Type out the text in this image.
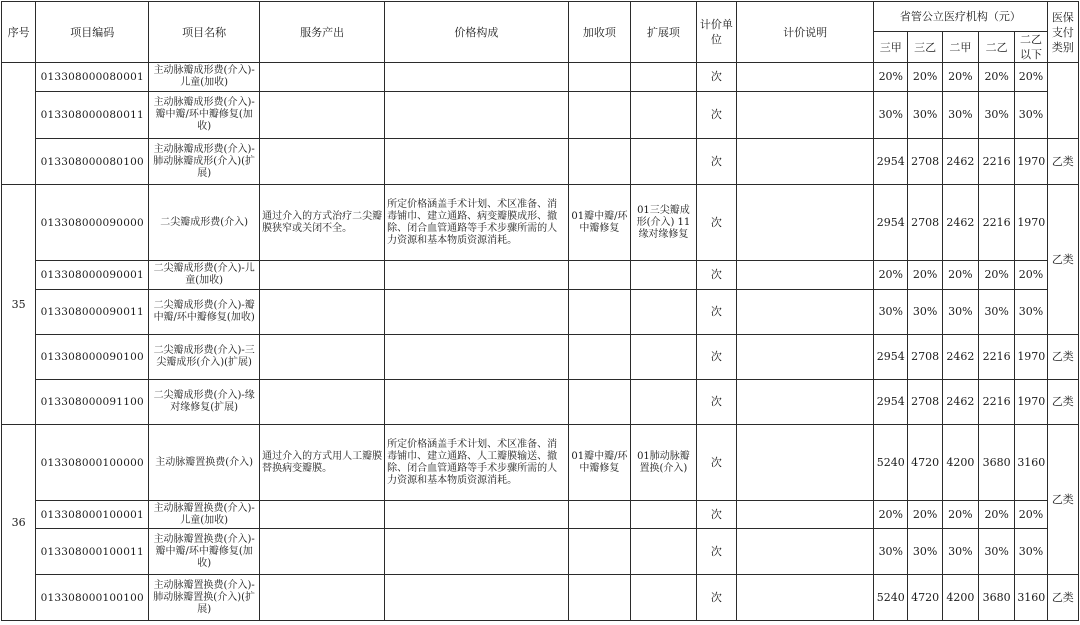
序号	项目编码	项目名称	服务产出	价格构成	加收项	扩展项	计价单位	计价说明	省管公立医疗机构（元）					医保支付类别
									三甲	三乙	二甲	二乙	二乙以下	
	013308000080001	主动脉瓣成形费(介入)-儿童(加收)					次		20%	20%	20%	20%	20%	
	013308000080011	主动脉瓣成形费(介入)-瓣中瓣/环中瓣修复(加收)					次		30%	30%	30%	30%	30%	
	013308000080100	主动脉瓣成形费(介入)-肺动脉瓣成形(介入)(扩展)					次		2954	2708	2462	2216	1970	乙类
35	013308000090000	二尖瓣成形费(介入)	通过介入的方式治疗二尖瓣膜狭窄或关闭不全。	所定价格涵盖手术计划、术区准备、消毒铺巾、建立通路、病变瓣膜成形、撤除、闭合血管通路等手术步骤所需的人力资源和基本物质资源消耗。	01瓣中瓣/环中瓣修复	01三尖瓣成形(介入) 11缘对缘修复	次		2954	2708	2462	2216	1970	乙类
	013308000090001	二尖瓣成形费(介入)-儿童(加收)					次		20%	20%	20%	20%	20%	
	013308000090011	二尖瓣成形费(介入)-瓣中瓣/环中瓣修复(加收)					次		30%	30%	30%	30%	30%	
	013308000090100	二尖瓣成形费(介入)-三尖瓣成形(介入)(扩展)					次		2954	2708	2462	2216	1970	乙类
	013308000091100	二尖瓣成形费(介入)-缘对缘修复(扩展)					次		2954	2708	2462	2216	1970	乙类
36	013308000100000	主动脉瓣置换费(介入)	通过介入的方式用人工瓣膜替换病变瓣膜。	所定价格涵盖手术计划、术区准备、消毒铺巾、建立通路、人工瓣膜输送、撤除、闭合血管通路等手术步骤所需的人力资源和基本物质资源消耗。	01瓣中瓣/环中瓣修复	01肺动脉瓣置换(介入)	次		5240	4720	4200	3680	3160	乙类
	013308000100001	主动脉瓣置换费(介入)-儿童(加收)					次		20%	20%	20%	20%	20%	
	013308000100011	主动脉瓣置换费(介入)-瓣中瓣/环中瓣修复(加收)					次		30%	30%	30%	30%	30%	
	013308000100100	主动脉瓣置换费(介入)-肺动脉瓣置换(介入)(扩展)					次		5240	4720	4200	3680	3160	乙类
